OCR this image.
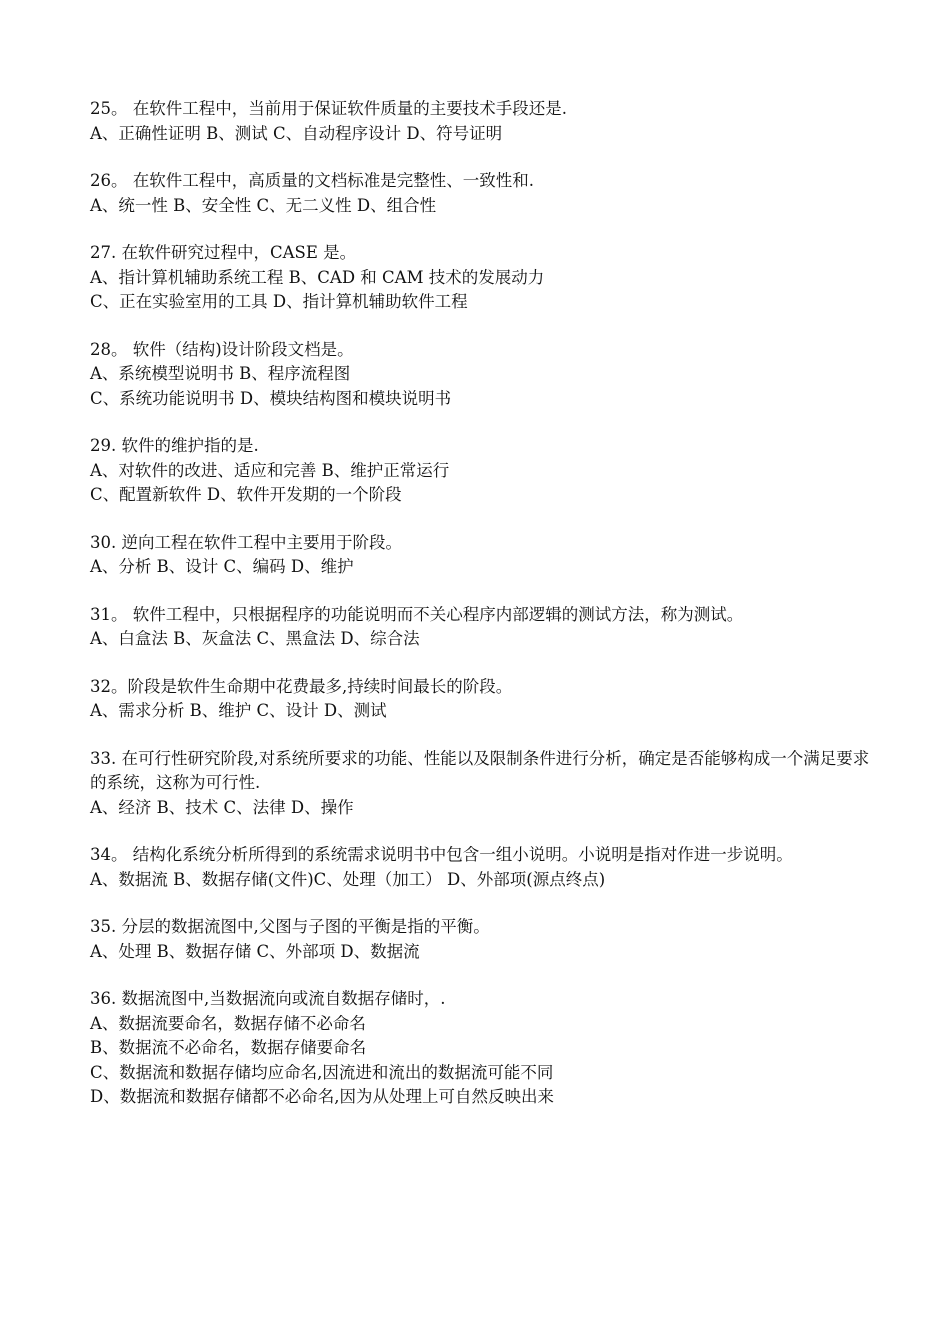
25。 在软件工程中，当前用于保证软件质量的主要技术手段还是.
A、正确性证明 B、测试 C、自动程序设计 D、符号证明
26。 在软件工程中，高质量的文档标准是完整性、一致性和.
A、统一性 B、安全性 C、无二义性 D、组合性
27. 在软件研究过程中，CASE 是。
A、指计算机辅助系统工程 B、CAD 和 CAM 技术的发展动力
C、正在实验室用的工具 D、指计算机辅助软件工程
28。 软件（结构)设计阶段文档是。
A、系统模型说明书 B、程序流程图
C、系统功能说明书 D、模块结构图和模块说明书
29. 软件的维护指的是.
A、对软件的改进、适应和完善 B、维护正常运行
C、配置新软件 D、软件开发期的一个阶段
30. 逆向工程在软件工程中主要用于阶段。
A、分析 B、设计 C、编码 D、维护
31。 软件工程中，只根据程序的功能说明而不关心程序内部逻辑的测试方法，称为测试。
A、白盒法 B、灰盒法 C、黑盒法 D、综合法
32。阶段是软件生命期中花费最多,持续时间最长的阶段。
A、需求分析 B、维护 C、设计 D、测试
33. 在可行性研究阶段,对系统所要求的功能、性能以及限制条件进行分析，确定是否能够构成一个满足要求的系统，这称为可行性.
A、经济 B、技术 C、法律 D、操作
34。 结构化系统分析所得到的系统需求说明书中包含一组小说明。小说明是指对作进一步说明。
A、数据流 B、数据存储(文件)C、处理（加工） D、外部项(源点终点)
35. 分层的数据流图中,父图与子图的平衡是指的平衡。
A、处理 B、数据存储 C、外部项 D、数据流
36. 数据流图中,当数据流向或流自数据存储时，.
A、数据流要命名，数据存储不必命名
B、数据流不必命名，数据存储要命名
C、数据流和数据存储均应命名,因流进和流出的数据流可能不同
D、数据流和数据存储都不必命名,因为从处理上可自然反映出来
